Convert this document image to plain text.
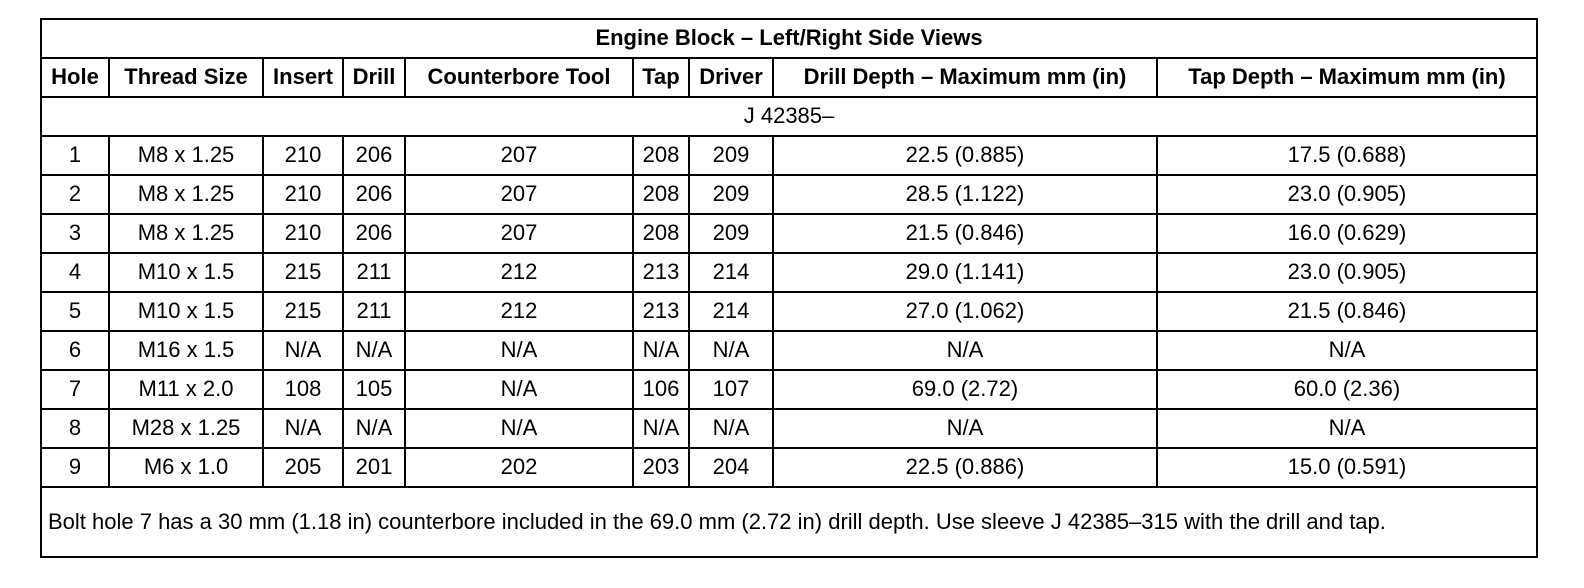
Engine Block – Left/Right Side Views								
Hole	Thread Size	Insert	Drill	Counterbore Tool	Tap	Driver	Drill Depth – Maximum mm (in)	Tap Depth – Maximum mm (in)
J 42385–								
1	M8 x 1.25	210	206	207	208	209	22.5 (0.885)	17.5 (0.688)
2	M8 x 1.25	210	206	207	208	209	28.5 (1.122)	23.0 (0.905)
3	M8 x 1.25	210	206	207	208	209	21.5 (0.846)	16.0 (0.629)
4	M10 x 1.5	215	211	212	213	214	29.0 (1.141)	23.0 (0.905)
5	M10 x 1.5	215	211	212	213	214	27.0 (1.062)	21.5 (0.846)
6	M16 x 1.5	N/A	N/A	N/A	N/A	N/A	N/A	N/A
7	M11 x 2.0	108	105	N/A	106	107	69.0 (2.72)	60.0 (2.36)
8	M28 x 1.25	N/A	N/A	N/A	N/A	N/A	N/A	N/A
9	M6 x 1.0	205	201	202	203	204	22.5 (0.886)	15.0 (0.591)
Bolt hole 7 has a 30 mm (1.18 in) counterbore included in the 69.0 mm (2.72 in) drill depth. Use sleeve J 42385–315 with the drill and tap.								
